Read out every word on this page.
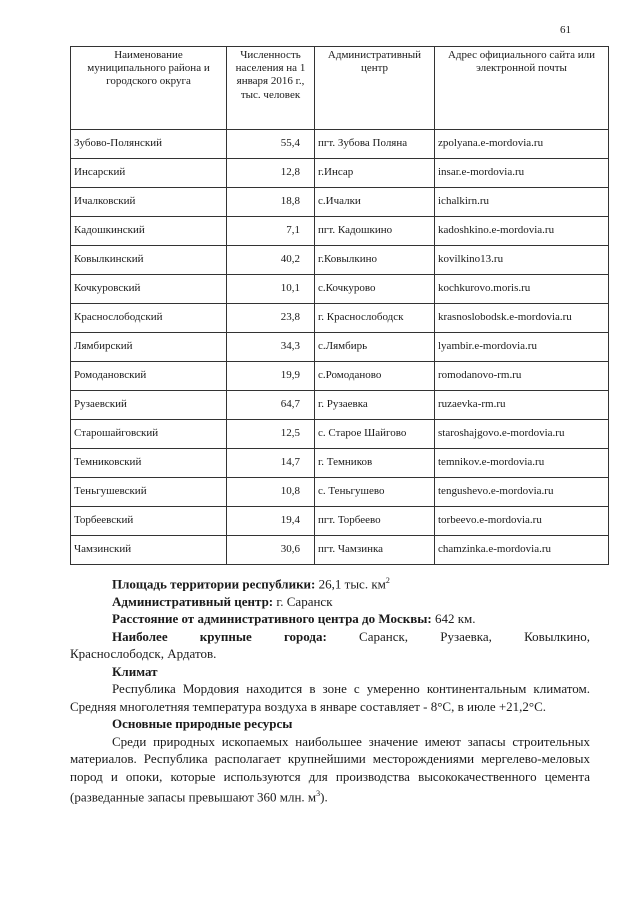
61
Наименование муниципального района и городского округа	Численность населения на 1 января 2016 г., тыс. человек	Административный центр	Адрес официального сайта или электронной почты
Зубово-Полянский	55,4	пгт. Зубова Поляна	zpolyana.e-mordovia.ru
Инсарский	12,8	г.Инсар	insar.e-mordovia.ru
Ичалковский	18,8	с.Ичалки	ichalkirn.ru
Кадошкинский	7,1	пгт. Кадошкино	kadoshkino.e-mordovia.ru
Ковылкинский	40,2	г.Ковылкино	kovilkino13.ru
Кочкуровский	10,1	с.Кочкурово	kochkurovo.moris.ru
Краснослободский	23,8	г. Краснослободск	krasnoslobodsk.e-mordovia.ru
Лямбирский	34,3	с.Лямбирь	lyambir.e-mordovia.ru
Ромодановский	19,9	с.Ромоданово	romodanovo-rm.ru
Рузаевский	64,7	г. Рузаевка	ruzaevka-rm.ru
Старошайговский	12,5	с. Старое Шайгово	staroshajgovo.e-mordovia.ru
Темниковский	14,7	г. Темников	temnikov.e-mordovia.ru
Теньгушевский	10,8	с. Теньгушево	tengushevo.e-mordovia.ru
Торбеевский	19,4	пгт. Торбеево	torbeevo.e-mordovia.ru
Чамзинский	30,6	пгт. Чамзинка	chamzinka.e-mordovia.ru

Площадь территории республики: 26,1 тыс. $км^2$

Административный центр: г. Саранск

Расстояние от административного центра до Москвы: 642 км.

Наиболее крупные города: Саранск, Рузаевка, Ковылкино,

Краснослободск, Ардатов.

Климат

Республика Мордовия находится в зоне с умеренно континентальным климатом. Средняя многолетняя температура воздуха в январе составляет - 8°С, в июле +21,2°С.

Основные природные ресурсы

Среди природных ископаемых наибольшее значение имеют запасы строительных материалов. Республика располагает крупнейшими месторождениями мергелево-меловых пород и опоки, которые используются для производства высококачественного цемента (разведанные запасы превышают 360 млн. $м^3$).
